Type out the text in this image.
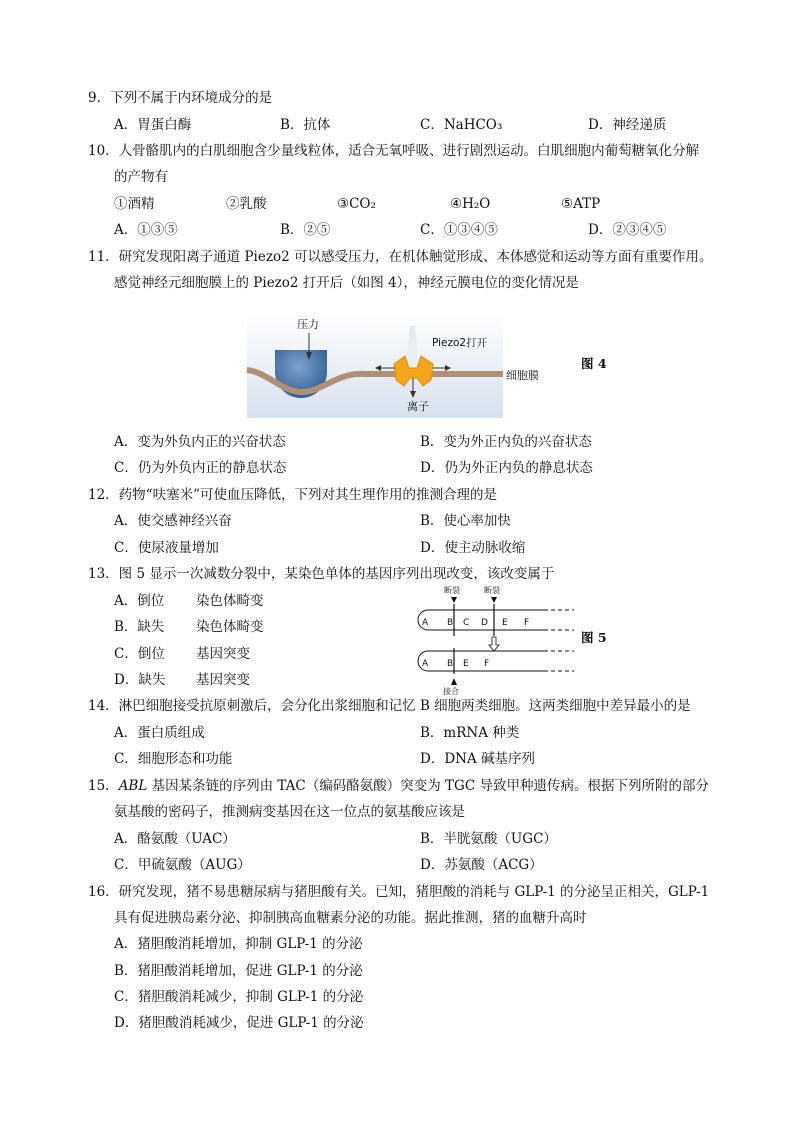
9．下列不属于内环境成分的是
A．胃蛋白酶	B．抗体	C．NaHCO₃	D．神经递质
10．人骨骼肌内的白肌细胞含少量线粒体，适合无氧呼吸、进行剧烈运动。白肌细胞内葡萄糖氧化分解
的产物有
①酒精	②乳酸	③CO₂	④H₂O	⑤ATP
A．①③⑤	B．②⑤	C．①③④⑤	D．②③④⑤
11．研究发现阳离子通道 Piezo2 可以感受压力，在机体触觉形成、本体感觉和运动等方面有重要作用。
感觉神经元细胞膜上的 Piezo2 打开后（如图 4），神经元膜电位的变化情况是
压力
Piezo2打开
细胞膜
离子
图 4
A．变为外负内正的兴奋状态	B．变为外正内负的兴奋状态
C．仍为外负内正的静息状态	D．仍为外正内负的静息状态
12．药物“呋塞米”可使血压降低，下列对其生理作用的推测合理的是
A．使交感神经兴奋	B．使心率加快
C．使尿液量增加	D．使主动脉收缩
13．图 5 显示一次减数分裂中，某染色单体的基因序列出现改变，该改变属于
A．倒位 染色体畸变
B．缺失 染色体畸变
C．倒位 基因突变
D．缺失 基因突变
断裂	断裂
接合
A B C D E F
A B E F
图 5
14．淋巴细胞接受抗原刺激后，会分化出浆细胞和记忆 B 细胞两类细胞。这两类细胞中差异最小的是
A．蛋白质组成	B．mRNA 种类
C．细胞形态和功能	D．DNA 碱基序列
15．ABL 基因某条链的序列由 TAC（编码酪氨酸）突变为 TGC 导致甲种遗传病。根据下列所附的部分
氨基酸的密码子，推测病变基因在这一位点的氨基酸应该是
A．酪氨酸（UAC）	B．半胱氨酸（UGC）
C．甲硫氨酸（AUG）	D．苏氨酸（ACG）
16．研究发现，猪不易患糖尿病与猪胆酸有关。已知，猪胆酸的消耗与 GLP-1 的分泌呈正相关，GLP-1
具有促进胰岛素分泌、抑制胰高血糖素分泌的功能。据此推测，猪的血糖升高时
A．猪胆酸消耗增加，抑制 GLP-1 的分泌
B．猪胆酸消耗增加，促进 GLP-1 的分泌
C．猪胆酸消耗减少，抑制 GLP-1 的分泌
D．猪胆酸消耗减少，促进 GLP-1 的分泌
